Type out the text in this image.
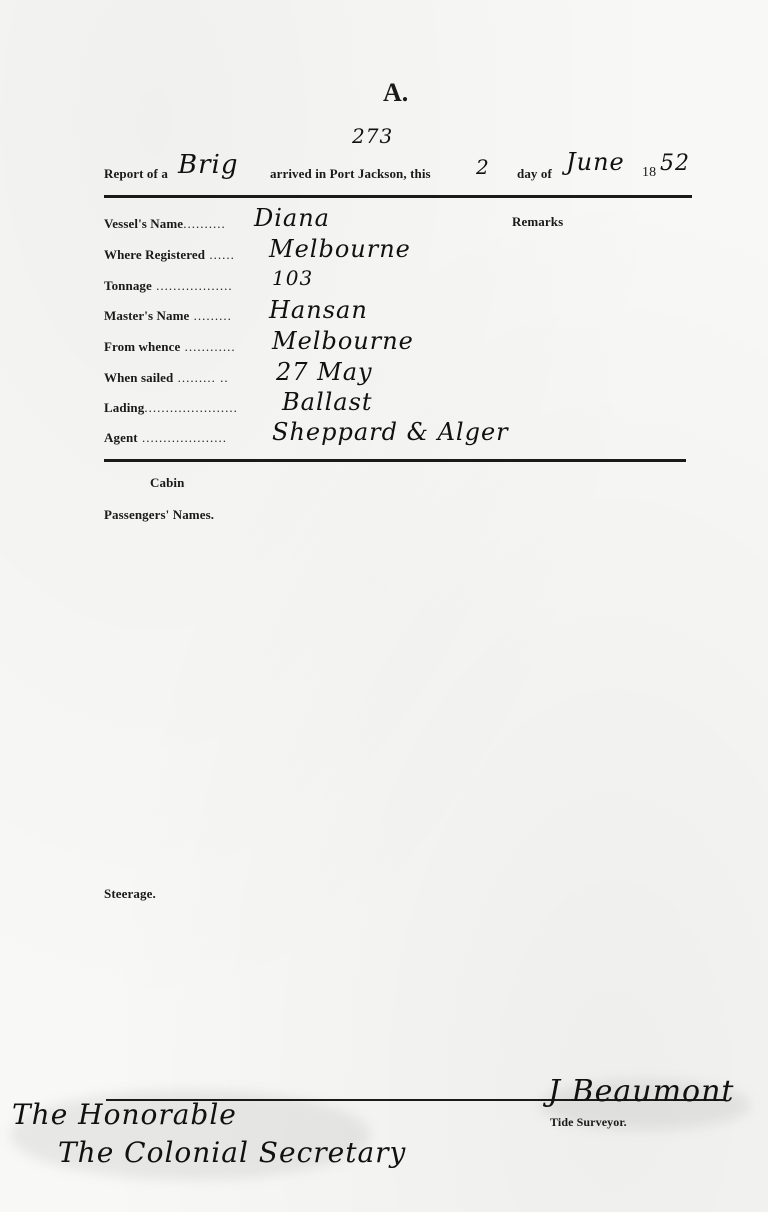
A.
273
Report of a Brig arrived in Port Jackson, this 2 day of June 18 52
Remarks
Vessel's Name.......... Diana
Where Registered ...... Melbourne
Tonnage .................. 103
Master's Name ......... Hansan
From whence ............ Melbourne
When sailed ......... .. 27 May
Lading...................... Ballast
Agent .................... Sheppard & Alger
Cabin
Passengers' Names.
Steerage.
J Beaumont
Tide Surveyor.
The Honorable
The Colonial Secretary
